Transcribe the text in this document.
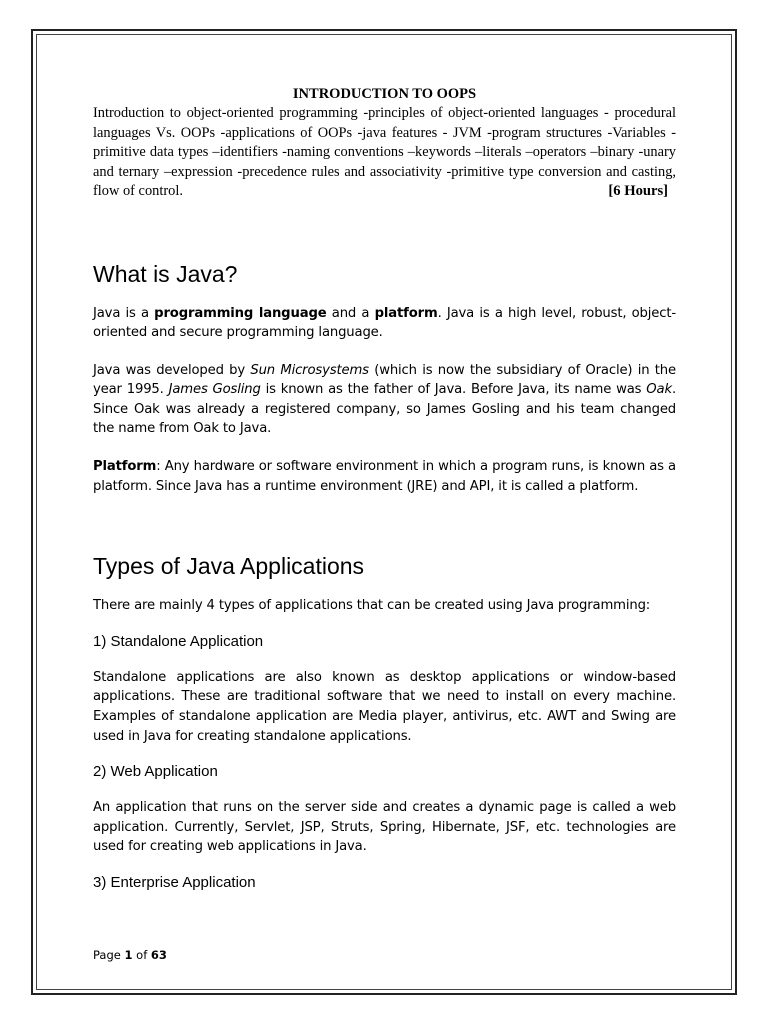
INTRODUCTION TO OOPS

Introduction to object-oriented programming -principles of object-oriented languages - procedural languages Vs. OOPs -applications of OOPs -java features - JVM -program structures -Variables -primitive data types –identifiers -naming conventions –keywords –literals –operators –binary -unary and ternary –expression -precedence rules and associativity -primitive type conversion and casting, flow of control.	[6 Hours]

What is Java?

Java is a programming language and a platform. Java is a high level, robust, object-oriented and secure programming language.

Java was developed by Sun Microsystems (which is now the subsidiary of Oracle) in the year 1995. James Gosling is known as the father of Java. Before Java, its name was Oak. Since Oak was already a registered company, so James Gosling and his team changed the name from Oak to Java.

Platform: Any hardware or software environment in which a program runs, is known as a platform. Since Java has a runtime environment (JRE) and API, it is called a platform.

Types of Java Applications

There are mainly 4 types of applications that can be created using Java programming:

1) Standalone Application

Standalone applications are also known as desktop applications or window-based applications. These are traditional software that we need to install on every machine. Examples of standalone application are Media player, antivirus, etc. AWT and Swing are used in Java for creating standalone applications.

2) Web Application

An application that runs on the server side and creates a dynamic page is called a web application. Currently, Servlet, JSP, Struts, Spring, Hibernate, JSF, etc. technologies are used for creating web applications in Java.

3) Enterprise Application
Page 1 of 63
